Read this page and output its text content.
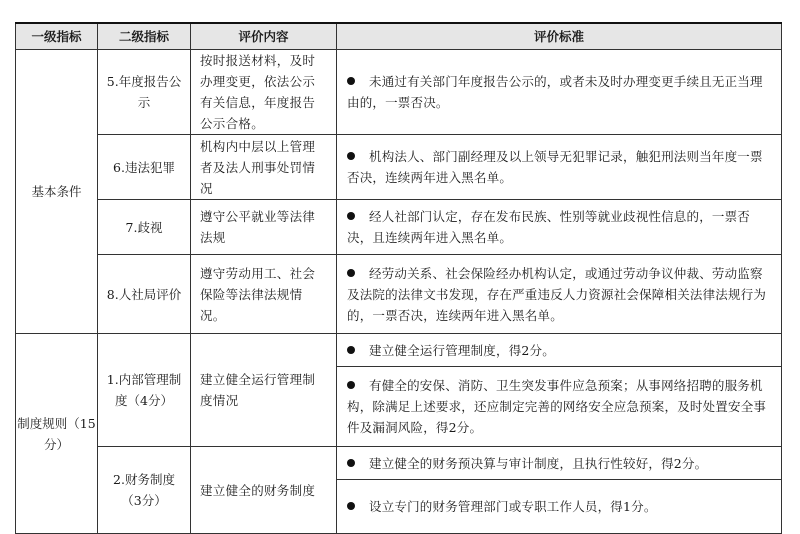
一级指标	二级指标	评价内容	评价标准
基本条件	5.年度报告公示	按时报送材料，及时办理变更，依法公示有关信息，年度报告公示合格。	未通过有关部门年度报告公示的，或者未及时办理变更手续且无正当理由的，一票否决。

	6.违法犯罪	机构内中层以上管理者及法人刑事处罚情况	机构法人、部门副经理及以上领导无犯罪记录，触犯刑法则当年度一票否决，连续两年进入黑名单。

	7.歧视	遵守公平就业等法律法规	经人社部门认定，存在发布民族、性别等就业歧视性信息的，一票否决，且连续两年进入黑名单。

	8.人社局评价	遵守劳动用工、社会保险等法律法规情况。	经劳动关系、社会保险经办机构认定，或通过劳动争议仲裁、劳动监察及法院的法律文书发现，存在严重违反人力资源社会保障相关法律法规行为的，一票否决，连续两年进入黑名单。

制度规则（15分）	1.内部管理制度（4分）	建立健全运行管理制度情况	建立健全运行管理制度，得2分。

			有健全的安保、消防、卫生突发事件应急预案；从事网络招聘的服务机构，除满足上述要求，还应制定完善的网络安全应急预案，及时处置安全事件及漏洞风险，得2分。

	2.财务制度（3分）	建立健全的财务制度	建立健全的财务预决算与审计制度，且执行性较好，得2分。

			设立专门的财务管理部门或专职工作人员，得1分。
